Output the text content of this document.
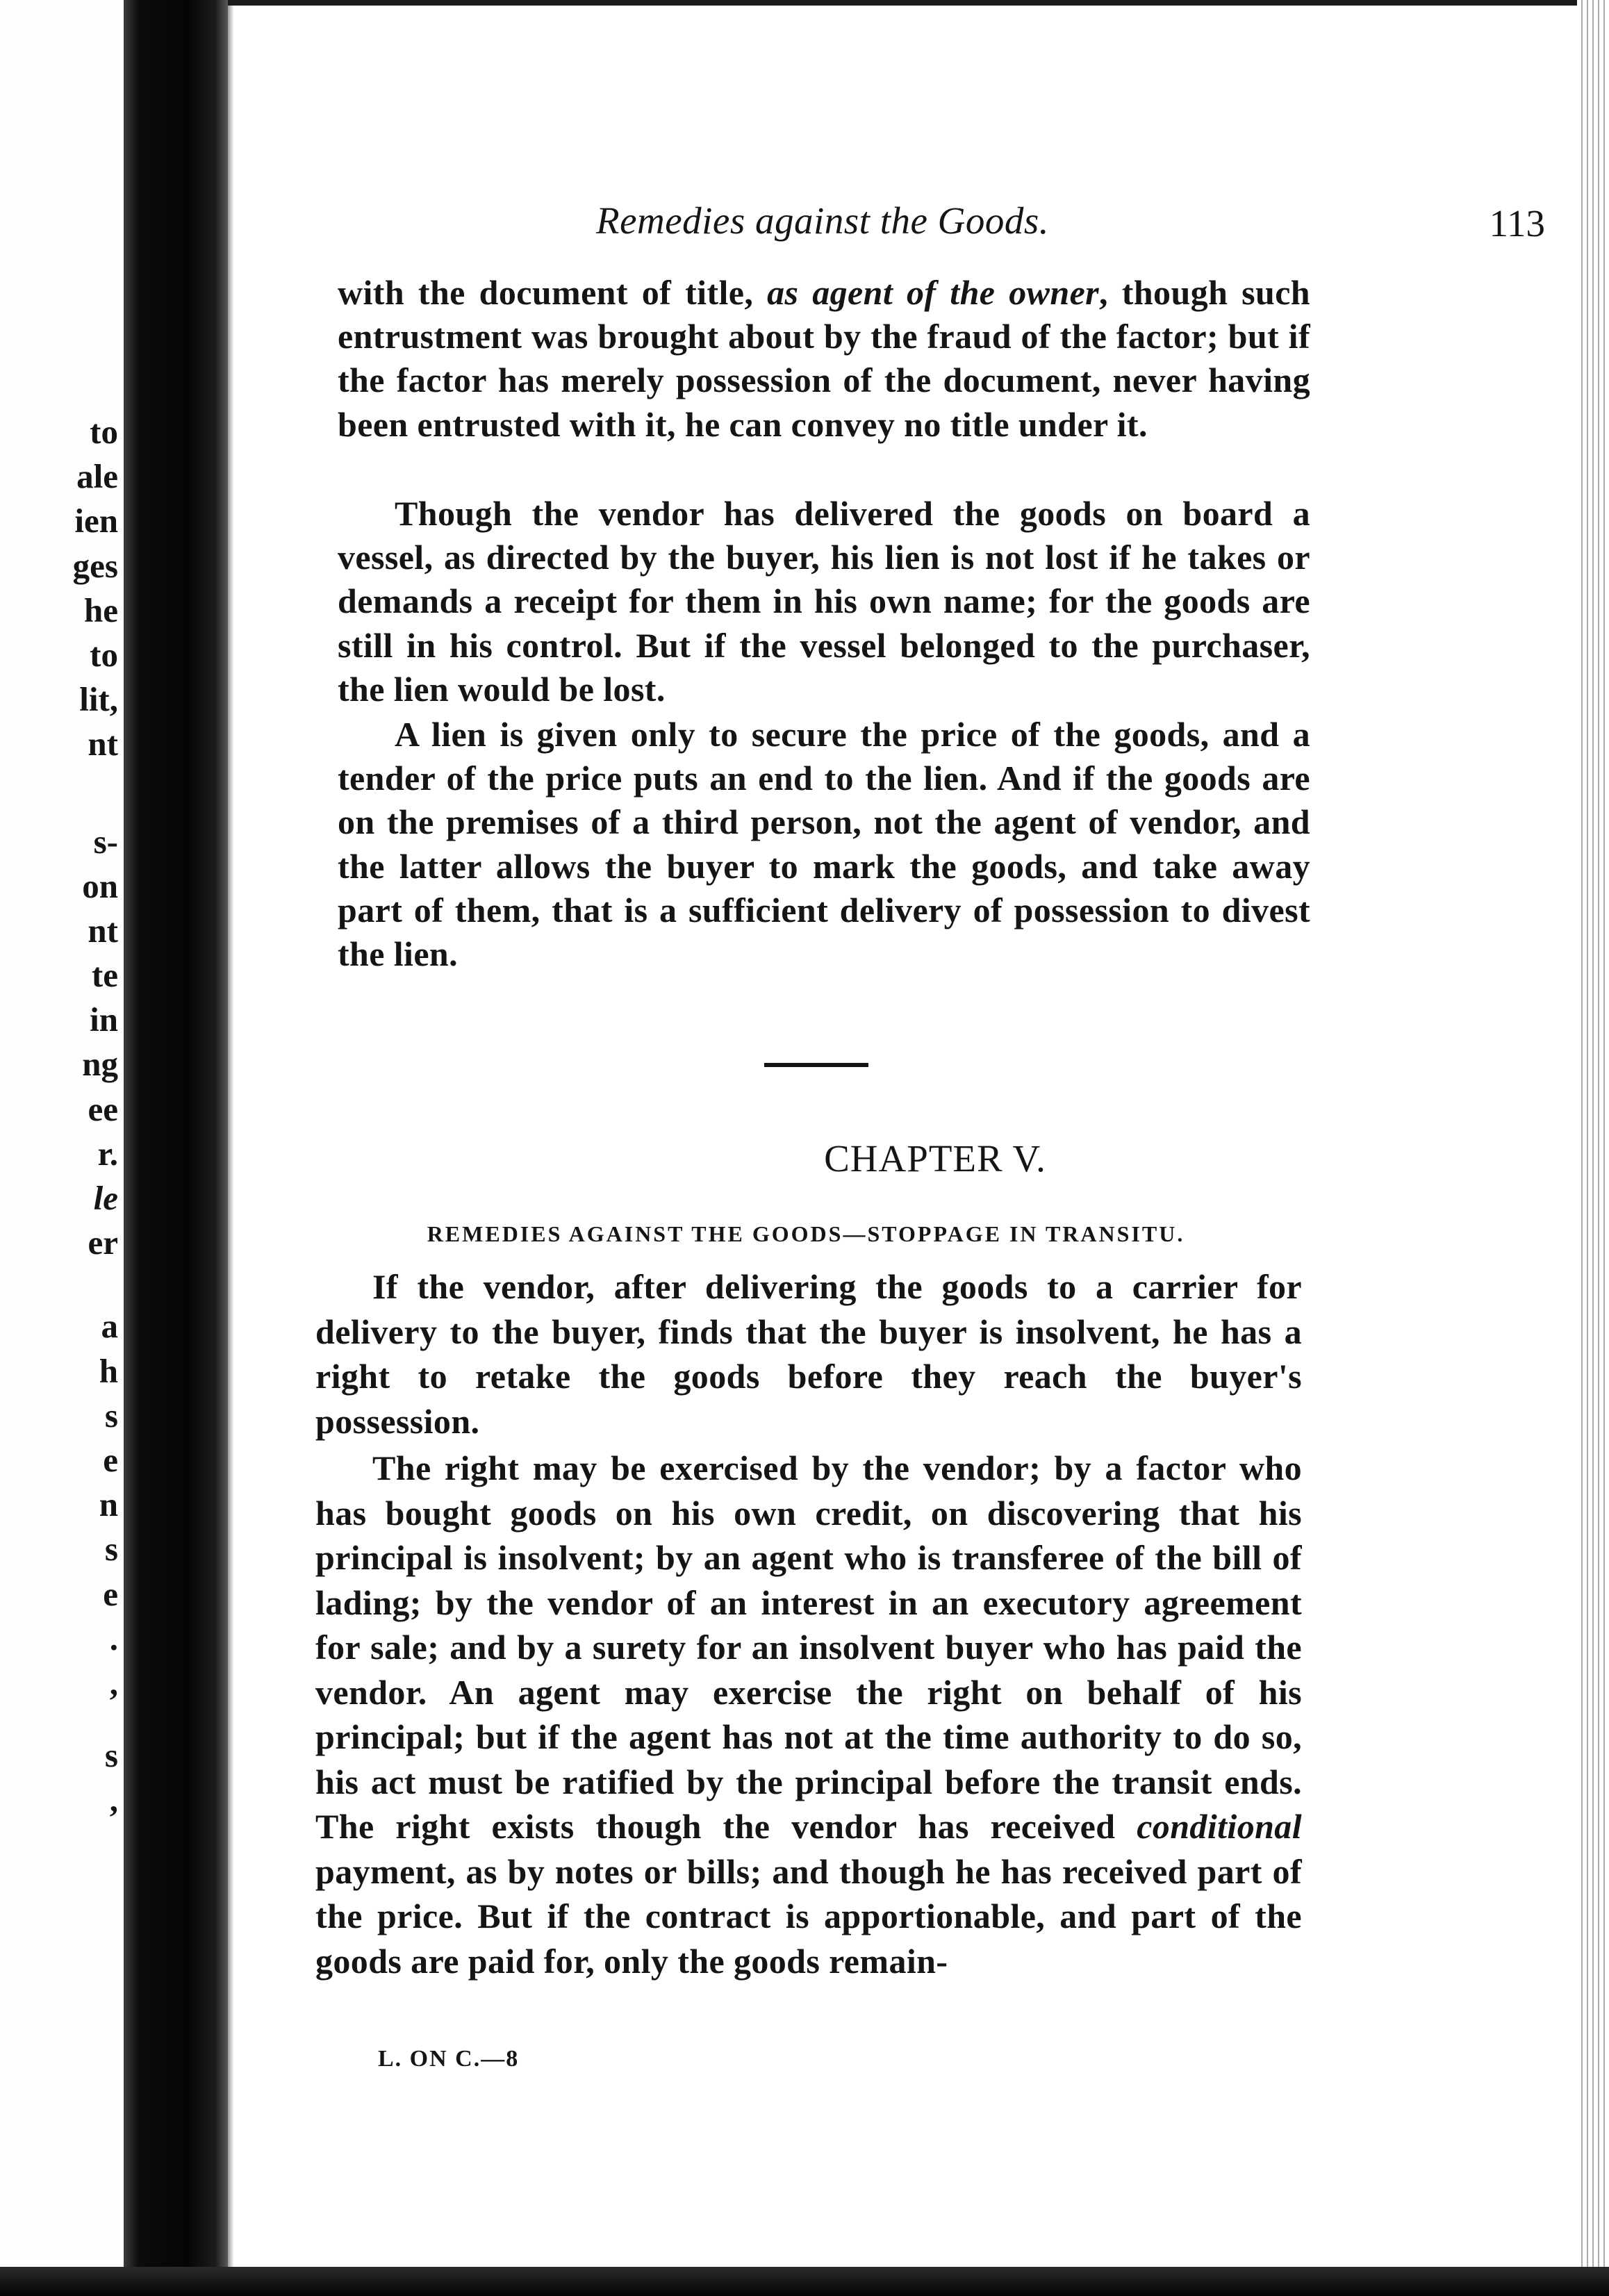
to
ale
ien
ges
he
to
lit,
nt
s-
on
nt
te
in
ng
ee
r.
le
er
a
h
s
e
n
s
e
.
,
s
,
Remedies against the Goods.	113
with the document of title, as agent of the owner, though such entrustment was brought about by the fraud of the factor; but if the factor has merely possession of the document, never having been entrusted with it, he can convey no title under it.
Though the vendor has delivered the goods on board a vessel, as directed by the buyer, his lien is not lost if he takes or demands a receipt for them in his own name; for the goods are still in his control. But if the vessel belonged to the purchaser, the lien would be lost.
A lien is given only to secure the price of the goods, and a tender of the price puts an end to the lien. And if the goods are on the premises of a third person, not the agent of vendor, and the latter allows the buyer to mark the goods, and take away part of them, that is a sufficient delivery of possession to divest the lien.
CHAPTER V.
REMEDIES AGAINST THE GOODS—STOPPAGE IN TRANSITU.
If the vendor, after delivering the goods to a carrier for delivery to the buyer, finds that the buyer is insolvent, he has a right to retake the goods before they reach the buyer's possession.
The right may be exercised by the vendor; by a factor who has bought goods on his own credit, on discovering that his principal is insolvent; by an agent who is transferee of the bill of lading; by the vendor of an interest in an executory agreement for sale; and by a surety for an insolvent buyer who has paid the vendor. An agent may exercise the right on behalf of his principal; but if the agent has not at the time authority to do so, his act must be ratified by the principal before the transit ends. The right exists though the vendor has received conditional payment, as by notes or bills; and though he has received part of the price. But if the contract is apportionable, and part of the goods are paid for, only the goods remain-
L. ON C.—8
